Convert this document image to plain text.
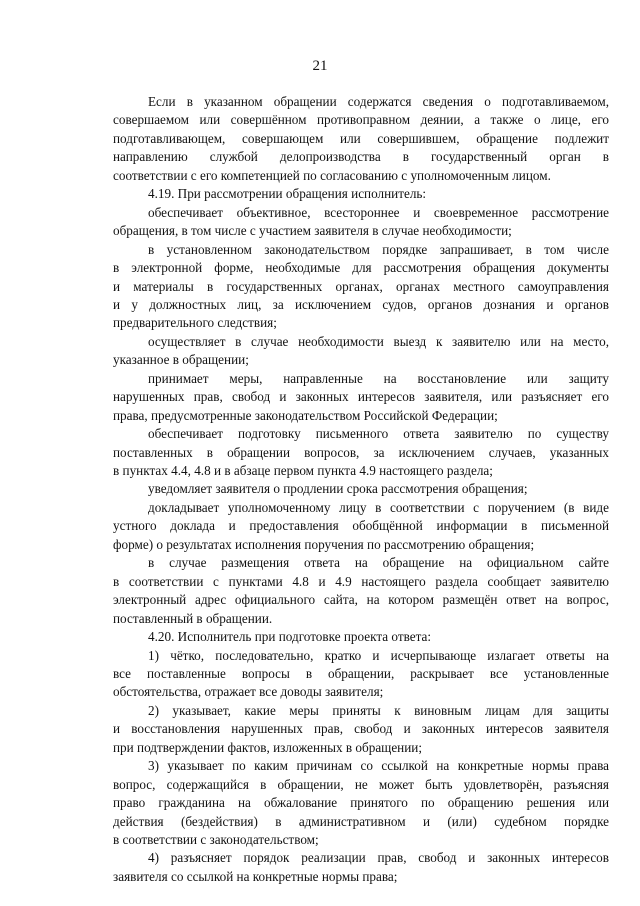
21
Если в указанном обращении содержатся сведения о подготавливаемом,
совершаемом или совершённом противоправном деянии, а также о лице, его
подготавливающем, совершающем или совершившем, обращение подлежит
направлению службой делопроизводства в государственный орган в
соответствии с его компетенцией по согласованию с уполномоченным лицом.
4.19. При рассмотрении обращения исполнитель:
обеспечивает объективное, всестороннее и своевременное рассмотрение
обращения, в том числе с участием заявителя в случае необходимости;
в установленном законодательством порядке запрашивает, в том числе
в электронной форме, необходимые для рассмотрения обращения документы
и материалы в государственных органах, органах местного самоуправления
и у должностных лиц, за исключением судов, органов дознания и органов
предварительного следствия;
осуществляет в случае необходимости выезд к заявителю или на место,
указанное в обращении;
принимает меры, направленные на восстановление или защиту
нарушенных прав, свобод и законных интересов заявителя, или разъясняет его
права, предусмотренные законодательством Российской Федерации;
обеспечивает подготовку письменного ответа заявителю по существу
поставленных в обращении вопросов, за исключением случаев, указанных
в пунктах 4.4, 4.8 и в абзаце первом пункта 4.9 настоящего раздела;
уведомляет заявителя о продлении срока рассмотрения обращения;
докладывает уполномоченному лицу в соответствии с поручением (в виде
устного доклада и предоставления обобщённой информации в письменной
форме) о результатах исполнения поручения по рассмотрению обращения;
в случае размещения ответа на обращение на официальном сайте
в соответствии с пунктами 4.8 и 4.9 настоящего раздела сообщает заявителю
электронный адрес официального сайта, на котором размещён ответ на вопрос,
поставленный в обращении.
4.20. Исполнитель при подготовке проекта ответа:
1) чётко, последовательно, кратко и исчерпывающе излагает ответы на
все поставленные вопросы в обращении, раскрывает все установленные
обстоятельства, отражает все доводы заявителя;
2) указывает, какие меры приняты к виновным лицам для защиты
и восстановления нарушенных прав, свобод и законных интересов заявителя
при подтверждении фактов, изложенных в обращении;
3) указывает по каким причинам со ссылкой на конкретные нормы права
вопрос, содержащийся в обращении, не может быть удовлетворён, разъясняя
право гражданина на обжалование принятого по обращению решения или
действия (бездействия) в административном и (или) судебном порядке
в соответствии с законодательством;
4) разъясняет порядок реализации прав, свобод и законных интересов
заявителя со ссылкой на конкретные нормы права;
